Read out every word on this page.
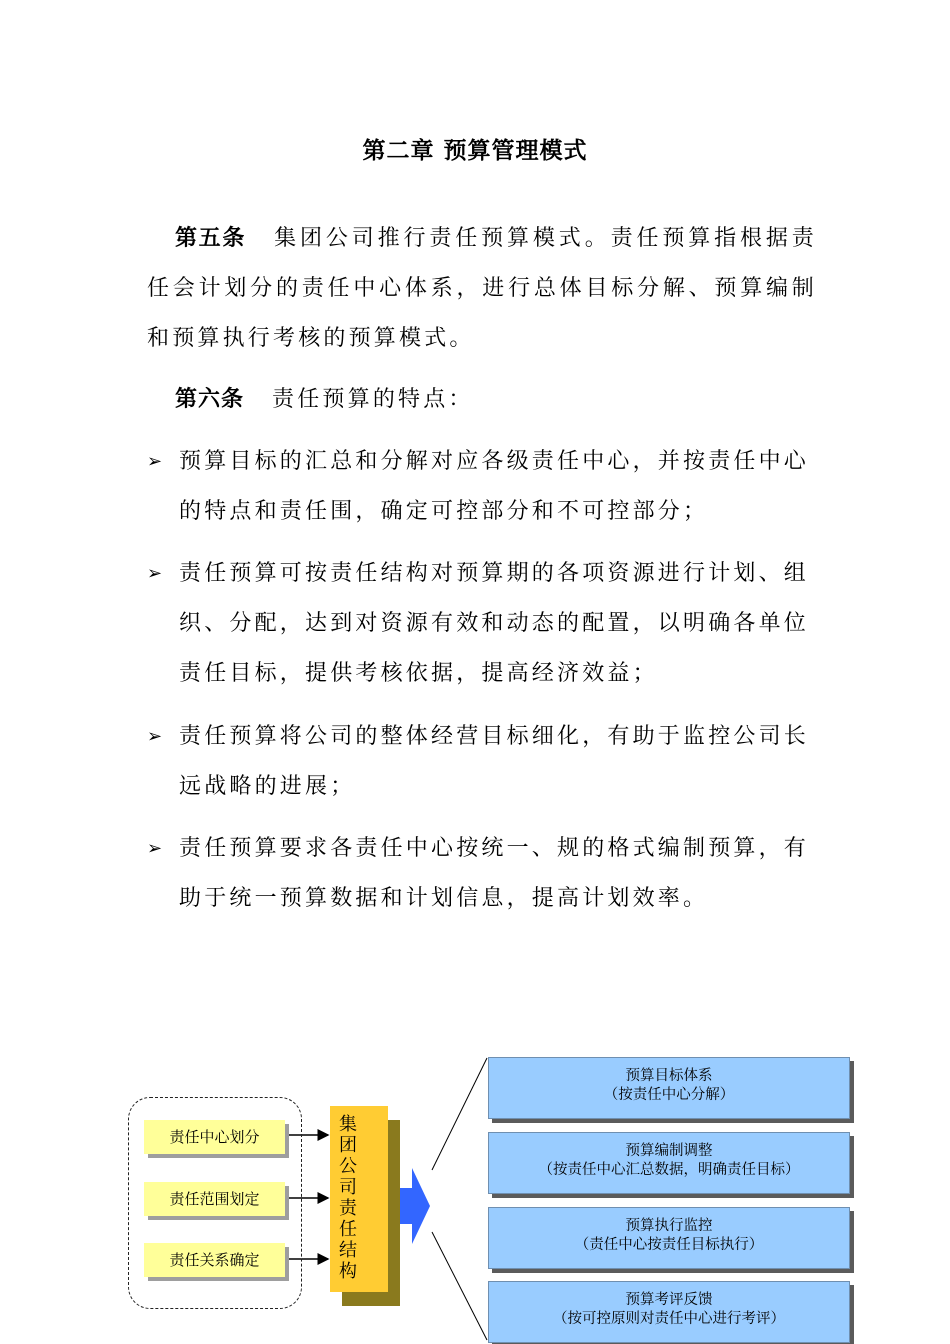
第二章 预算管理模式
第五条 集团公司推行责任预算模式。责任预算指根据责任会计划分的责任中心体系，进行总体目标分解、预算编制和预算执行考核的预算模式。
第六条 责任预算的特点：
➢ 预算目标的汇总和分解对应各级责任中心，并按责任中心的特点和责任围，确定可控部分和不可控部分；
➢ 责任预算可按责任结构对预算期的各项资源进行计划、组织、分配，达到对资源有效和动态的配置，以明确各单位责任目标，提供考核依据，提高经济效益；
➢ 责任预算将公司的整体经营目标细化，有助于监控公司长远战略的进展；
➢ 责任预算要求各责任中心按统一、规的格式编制预算，有助于统一预算数据和计划信息，提高计划效率。
责任中心划分
责任范围划定
责任关系确定
集团公司责任结构
预算目标体系
（按责任中心分解）
预算编制调整
（按责任中心汇总数据，明确责任目标）
预算执行监控
（责任中心按责任目标执行）
预算考评反馈
（按可控原则对责任中心进行考评）
